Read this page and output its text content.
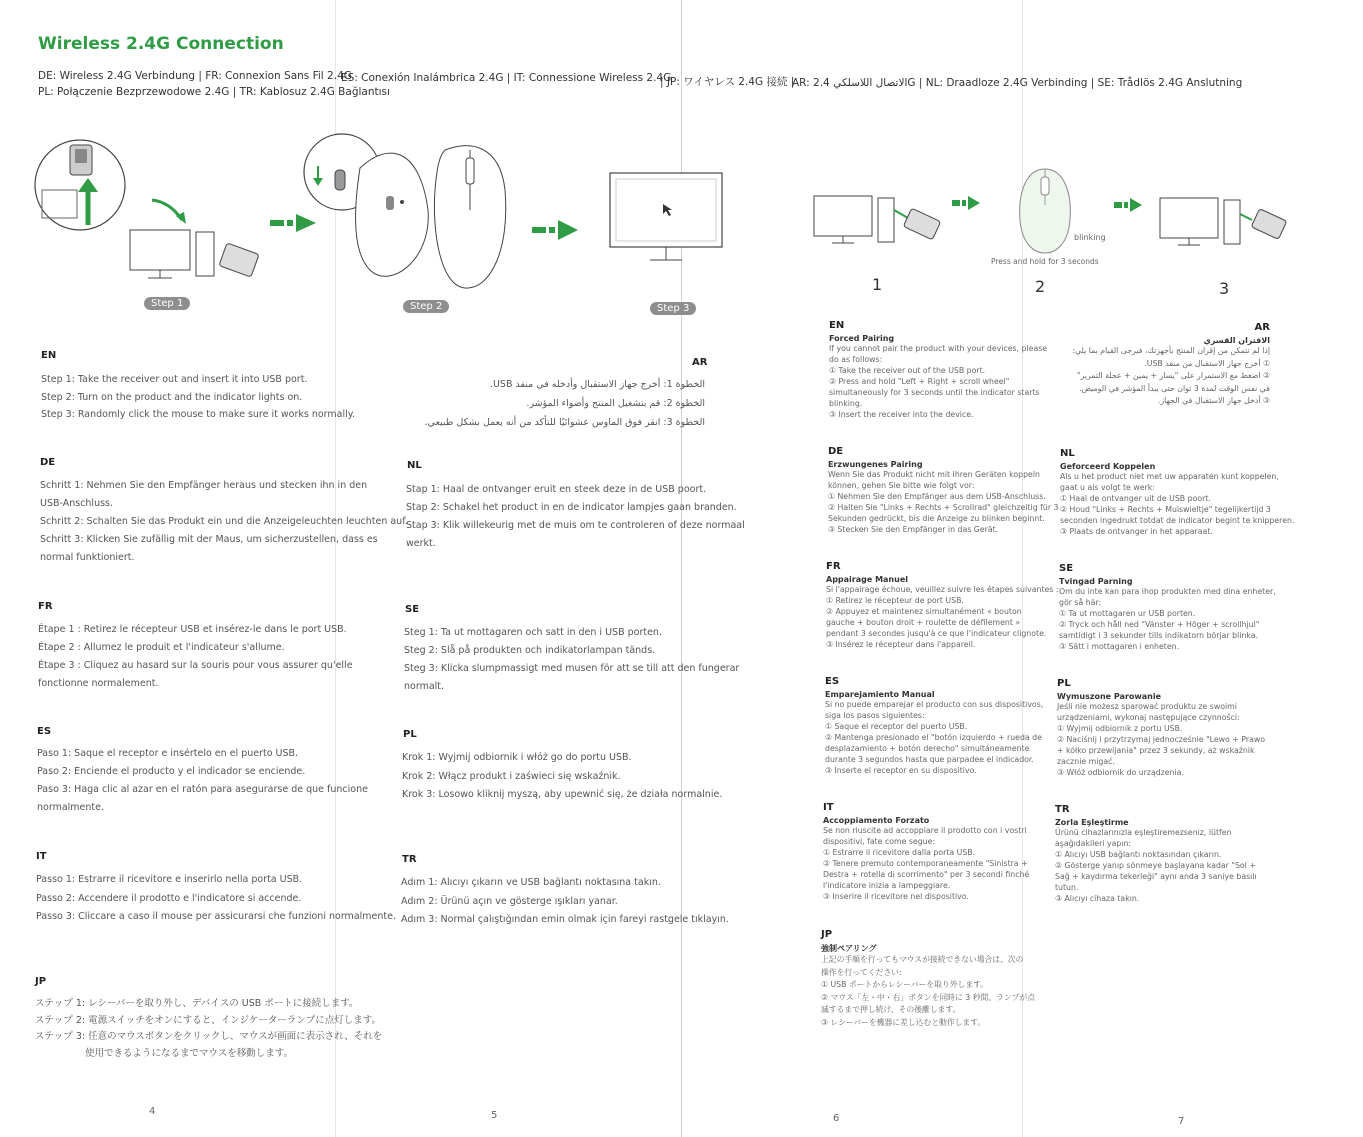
Wireless 2.4G Connection
DE: Wireless 2.4G Verbindung | FR: Connexion Sans Fil 2.4G
ES: Conexión Inalámbrica 2.4G | IT: Connessione Wireless 2.4G
| JP: ワイヤレス 2.4G 接続 |
AR: الاتصال اللاسلكي 2.4G | NL: Draadloze 2.4G Verbinding | SE: Trådlös 2.4G Anslutning
PL: Połączenie Bezprzewodowe 2.4G | TR: Kablosuz 2.4G Bağlantısı
Step 1	Step 2	Step 3
EN
Step 1: Take the receiver out and insert it into USB port.
Step 2: Turn on the product and the indicator lights on.
Step 3: Randomly click the mouse to make sure it works normally.
DE
Schritt 1: Nehmen Sie den Empfänger heraus und stecken ihn in den
USB-Anschluss.
Schritt 2: Schalten Sie das Produkt ein und die Anzeigeleuchten leuchten auf.
Schritt 3: Klicken Sie zufällig mit der Maus, um sicherzustellen, dass es
normal funktioniert.
FR
Étape 1 : Retirez le récepteur USB et insérez-le dans le port USB.
Étape 2 : Allumez le produit et l'indicateur s'allume.
Étape 3 : Cliquez au hasard sur la souris pour vous assurer qu'elle
fonctionne normalement.
ES
Paso 1: Saque el receptor e insértelo en el puerto USB.
Paso 2: Enciende el producto y el indicador se enciende.
Paso 3: Haga clic al azar en el ratón para asegurarse de que funcione
normalmente.
IT
Passo 1: Estrarre il ricevitore e inserirlo nella porta USB.
Passo 2: Accendere il prodotto e l'indicatore si accende.
Passo 3: Cliccare a caso il mouse per assicurarsi che funzioni normalmente.
JP
ステップ 1: レシーバーを取り外し、デバイスの USB ポートに接続します。
ステップ 2: 電源スイッチをオンにすると、インジケーターランプに点灯します。
ステップ 3: 任意のマウスボタンをクリックし、マウスが画面に表示され、それを
使用できるようになるまでマウスを移動します。
AR
الخطوة 1: أخرج جهاز الاستقبال وأدخله في منفذ USB.
الخطوة 2: قم بتشغيل المنتج وأضواء المؤشر.
الخطوة 3: انقر فوق الماوس عشوائيًا للتأكد من أنه يعمل بشكل طبيعي.
NL
Stap 1: Haal de ontvanger eruit en steek deze in de USB poort.
Stap 2: Schakel het product in en de indicator lampjes gaan branden.
Stap 3: Klik willekeurig met de muis om te controleren of deze normaal
werkt.
SE
Steg 1: Ta ut mottagaren och satt in den i USB porten.
Steg 2: Slå på produkten och indikatorlampan tänds.
Steg 3: Klicka slumpmassigt med musen för att se till att den fungerar
normalt.
PL
Krok 1: Wyjmij odbiornik i włóż go do portu USB.
Krok 2: Włącz produkt i zaświeci się wskaźnik.
Krok 3: Losowo kliknij myszą, aby upewnić się, że działa normalnie.
TR
Adım 1: Alıcıyı çıkarın ve USB bağlantı noktasına takın.
Adım 2: Ürünü açın ve gösterge ışıkları yanar.
Adım 3: Normal çalıştığından emin olmak için fareyi rastgele tıklayın.
4	5
blinking
Press and hold for 3 seconds
1	2	3
EN
Forced Pairing
If you cannot pair the product with your devices, please
do as follows:
① Take the receiver out of the USB port.
② Press and hold "Left + Right + scroll wheel"
simultaneously for 3 seconds until the indicator starts
blinking.
③ Insert the receiver into the device.
DE
Erzwungenes Pairing
Wenn Sie das Produkt nicht mit Ihren Geräten koppeln
können, gehen Sie bitte wie folgt vor:
① Nehmen Sie den Empfänger aus dem USB-Anschluss.
② Halten Sie "Links + Rechts + Scrollrad" gleichzeitig für 3
Sekunden gedrückt, bis die Anzeige zu blinken beginnt.
③ Stecken Sie den Empfänger in das Gerät.
FR
Appairage Manuel
Si l'appairage échoue, veuillez suivre les étapes suivantes :
① Retirez le récepteur de port USB.
② Appuyez et maintenez simultanément « bouton
gauche + bouton droit + roulette de défilement »
pendant 3 secondes jusqu'à ce que l'indicateur clignote.
③ Insérez le récepteur dans l'appareil.
ES
Emparejamiento Manual
Si no puede emparejar el producto con sus dispositivos,
siga los pasos siguientes:
① Saque el receptor del puerto USB.
② Mantenga presionado el "botón izquierdo + rueda de
desplazamiento + botón derecho" simultáneamente
durante 3 segundos hasta que parpadee el indicador.
③ Inserte el receptor en su dispositivo.
IT
Accoppiamento Forzato
Se non riuscite ad accoppiare il prodotto con i vostri
dispositivi, fate come segue:
① Estrarre il ricevitore dalla porta USB.
② Tenere premuto contemporaneamente "Sinistra +
Destra + rotella di scorrimento" per 3 secondi finché
l'indicatore inizia a lampeggiare.
③ Inserire il ricevitore nel dispositivo.
JP
強制ペアリング
上記の手順を行ってもマウスが接続できない場合は、次の
操作を行ってください:
① USB ポートからレシーバーを取り外します。
② マウス「左・中・右」ボタンを同時に 3 秒間、ランプが点
滅するまで押し続け、その後離します。
③ レシーバーを機器に差し込むと動作します。
AR
الاقتران القسري
إذا لم تتمكن من إقران المنتج بأجهزتك، فيرجى القيام بما يلي:
① أخرج جهاز الاستقبال من منفذ USB.
② اضغط مع الاستمرار على "يسار + يمين + عجلة التمرير"
في نفس الوقت لمدة 3 ثوان حتى يبدأ المؤشر في الوميض.
③ أدخل جهاز الاستقبال في الجهاز.
NL
Geforceerd Koppelen
Als u het product niet met uw apparaten kunt koppelen,
gaat u als volgt te werk:
① Haal de ontvanger uit de USB poort.
② Houd "Links + Rechts + Muiswieltje" tegelijkertijd 3
seconden ingedrukt totdat de indicator begint te knipperen.
③ Plaats de ontvanger in het apparaat.
SE
Tvingad Parning
Om du inte kan para ihop produkten med dina enheter,
gör så här:
① Ta ut mottagaren ur USB porten.
② Tryck och håll ned "Vänster + Höger + scrollhjul"
samtidigt i 3 sekunder tills indikatorn börjar blinka.
③ Sätt i mottagaren i enheten.
PL
Wymuszone Parowanie
Jeśli nie możesz sparować produktu ze swoimi
urządzeniami, wykonaj następujące czynności:
① Wyjmij odbiornik z portu USB.
② Naciśnij i przytrzymaj jednocześnie "Lewo + Prawo
+ kółko przewijania" przez 3 sekundy, aż wskaźnik
zacznie migać.
③ Włóż odbiornik do urządzenia.
TR
Zorla Eşleştirme
Ürünü cihazlarınızla eşleştiremezseniz, lütfen
aşağıdakileri yapın:
① Alıcıyı USB bağlantı noktasından çıkarın.
② Göstergе yanıp sönmeye başlayana kadar "Sol +
Sağ + kaydırma tekerleği" aynı anda 3 saniye basılı
tutun.
③ Alıcıyı cihaza takın.
6	7
